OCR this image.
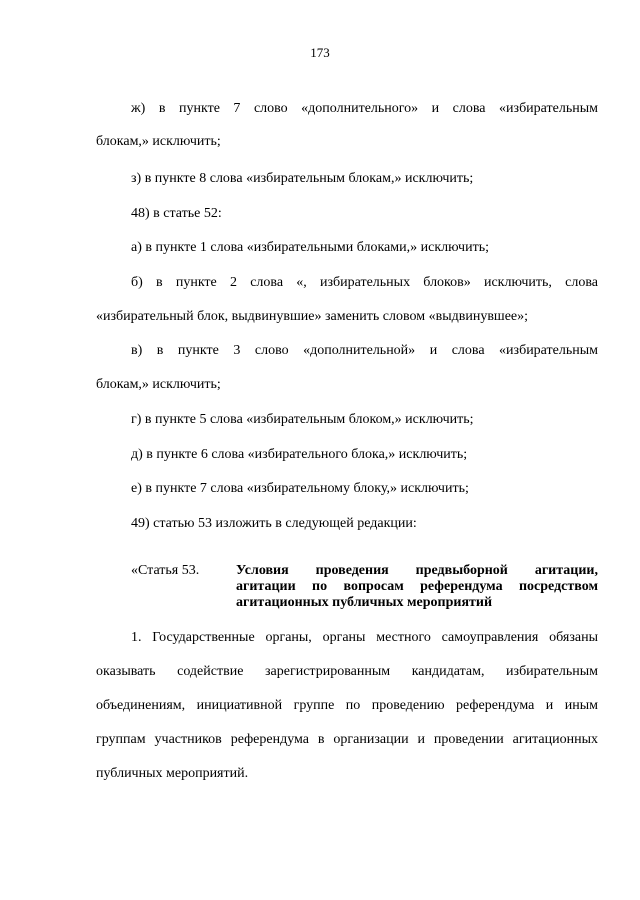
173
ж) в пункте 7 слово «дополнительного» и слова «избирательным
блокам,» исключить;
з) в пункте 8 слова «избирательным блокам,» исключить;
48) в статье 52:
а) в пункте 1 слова «избирательными блоками,» исключить;
б) в пункте 2 слова «, избирательных блоков» исключить, слова
«избирательный блок, выдвинувшие» заменить словом «выдвинувшее»;
в) в пункте 3 слово «дополнительной» и слова «избирательным
блокам,» исключить;
г) в пункте 5 слова «избирательным блоком,» исключить;
д) в пункте 6 слова «избирательного блока,» исключить;
е) в пункте 7 слова «избирательному блоку,» исключить;
49) статью 53 изложить в следующей редакции:
«Статья 53.	Условия проведения предвыборной агитации,
агитации по вопросам референдума посредством
агитационных публичных мероприятий
1. Государственные органы, органы местного самоуправления обязаны
оказывать содействие зарегистрированным кандидатам, избирательным
объединениям, инициативной группе по проведению референдума и иным
группам участников референдума в организации и проведении агитационных
публичных мероприятий.
